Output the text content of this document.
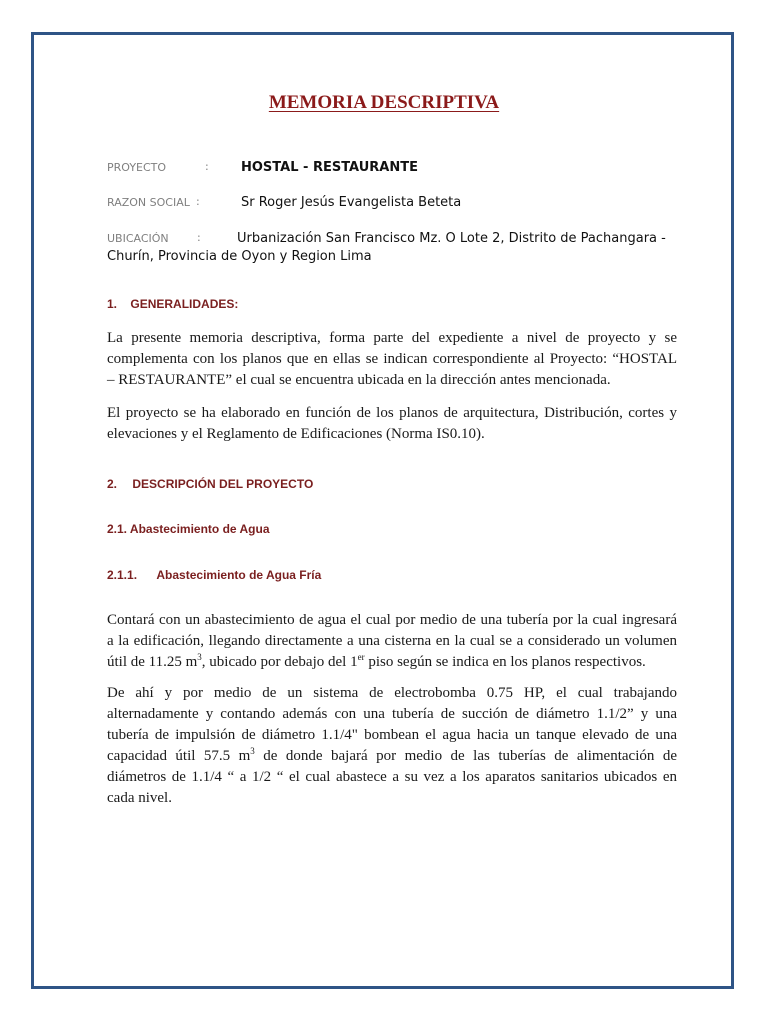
MEMORIA DESCRIPTIVA
PROYECTO	: HOSTAL - RESTAURANTE
RAZON SOCIAL :	Sr Roger Jesús Evangelista Beteta
UBICACIÓN	:	Urbanización San Francisco Mz. O Lote 2, Distrito de Pachangara -
Churín, Provincia de Oyon y Region Lima
1. GENERALIDADES:
La presente memoria descriptiva, forma parte del expediente a nivel de proyecto y se
complementa con los planos que en ellas se indican correspondiente al Proyecto: “HOSTAL
– RESTAURANTE” el cual se encuentra ubicada en la dirección antes mencionada.
El proyecto se ha elaborado en función de los planos de arquitectura, Distribución, cortes y
elevaciones y el Reglamento de Edificaciones (Norma IS0.10).
2. DESCRIPCIÓN DEL PROYECTO
2.1. Abastecimiento de Agua
2.1.1. Abastecimiento de Agua Fría
Contará con un abastecimiento de agua el cual por medio de una tubería por la cual ingresará
a la edificación, llegando directamente a una cisterna en la cual se a considerado un volumen
útil de 11.25 $m^3$, ubicado por debajo del 1er piso según se indica en los planos respectivos.
De ahí y por medio de un sistema de electrobomba 0.75 HP, el cual trabajando
alternadamente y contando además con una tubería de succión de diámetro 1.1/2” y una
tubería de impulsión de diámetro 1.1/4" bombean el agua hacia un tanque elevado de una
capacidad útil 57.5 $m^3$ de donde bajará por medio de las tuberías de alimentación de
diámetros de 1.1/4 “ a 1/2 “ el cual abastece a su vez a los aparatos sanitarios ubicados en
cada nivel.
